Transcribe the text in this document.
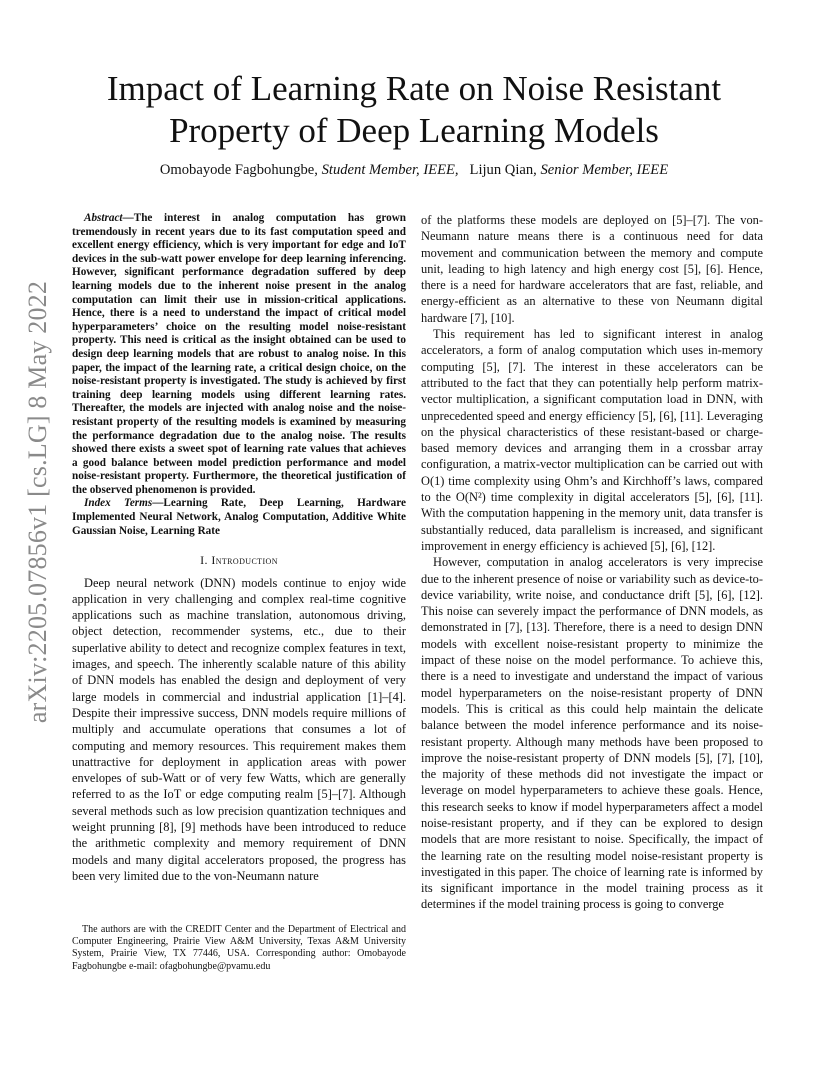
arXiv:2205.07856v1 [cs.LG] 8 May 2022
Impact of Learning Rate on Noise Resistant
Property of Deep Learning Models
Omobayode Fagbohungbe, Student Member, IEEE, Lijun Qian, Senior Member, IEEE

Abstract—The interest in analog computation has grown tremendously in recent years due to its fast computation speed and excellent energy efficiency, which is very important for edge and IoT devices in the sub-watt power envelope for deep learning inferencing. However, significant performance degradation suffered by deep learning models due to the inherent noise present in the analog computation can limit their use in mission-critical applications. Hence, there is a need to understand the impact of critical model hyperparameters’ choice on the resulting model noise-resistant property. This need is critical as the insight obtained can be used to design deep learning models that are robust to analog noise. In this paper, the impact of the learning rate, a critical design choice, on the noise-resistant property is investigated. The study is achieved by first training deep learning models using different learning rates. Thereafter, the models are injected with analog noise and the noise-resistant property of the resulting models is examined by measuring the performance degradation due to the analog noise. The results showed there exists a sweet spot of learning rate values that achieves a good balance between model prediction performance and model noise-resistant property. Furthermore, the theoretical justification of the observed phenomenon is provided.

Index Terms—Learning Rate, Deep Learning, Hardware Implemented Neural Network, Analog Computation, Additive White Gaussian Noise, Learning Rate

I. Introduction

Deep neural network (DNN) models continue to enjoy wide application in very challenging and complex real-time cognitive applications such as machine translation, autonomous driving, object detection, recommender systems, etc., due to their superlative ability to detect and recognize complex features in text, images, and speech. The inherently scalable nature of this ability of DNN models has enabled the design and deployment of very large models in commercial and industrial application [1]–[4]. Despite their impressive success, DNN models require millions of multiply and accumulate operations that consumes a lot of computing and memory resources. This requirement makes them unattractive for deployment in application areas with power envelopes of sub-Watt or of very few Watts, which are generally referred to as the IoT or edge computing realm [5]–[7]. Although several methods such as low precision quantization techniques and weight prunning [8], [9] methods have been introduced to reduce the arithmetic complexity and memory requirement of DNN models and many digital accelerators proposed, the progress has been very limited due to the von-Neumann nature

The authors are with the CREDIT Center and the Department of Electrical and Computer Engineering, Prairie View A&M University, Texas A&M University System, Prairie View, TX 77446, USA. Corresponding author: Omobayode Fagbohungbe e-mail: ofagbohungbe@pvamu.edu

of the platforms these models are deployed on [5]–[7]. The von-Neumann nature means there is a continuous need for data movement and communication between the memory and compute unit, leading to high latency and high energy cost [5], [6]. Hence, there is a need for hardware accelerators that are fast, reliable, and energy-efficient as an alternative to these von Neumann digital hardware [7], [10].

This requirement has led to significant interest in analog accelerators, a form of analog computation which uses in-memory computing [5], [7]. The interest in these accelerators can be attributed to the fact that they can potentially help perform matrix-vector multiplication, a significant computation load in DNN, with unprecedented speed and energy efficiency [5], [6], [11]. Leveraging on the physical characteristics of these resistant-based or charge-based memory devices and arranging them in a crossbar array configuration, a matrix-vector multiplication can be carried out with O(1) time complexity using Ohm’s and Kirchhoff’s laws, compared to the O(N²) time complexity in digital accelerators [5], [6], [11]. With the computation happening in the memory unit, data transfer is substantially reduced, data parallelism is increased, and significant improvement in energy efficiency is achieved [5], [6], [12].

However, computation in analog accelerators is very imprecise due to the inherent presence of noise or variability such as device-to-device variability, write noise, and conductance drift [5], [6], [12]. This noise can severely impact the performance of DNN models, as demonstrated in [7], [13]. Therefore, there is a need to design DNN models with excellent noise-resistant property to minimize the impact of these noise on the model performance. To achieve this, there is a need to investigate and understand the impact of various model hyperparameters on the noise-resistant property of DNN models. This is critical as this could help maintain the delicate balance between the model inference performance and its noise-resistant property. Although many methods have been proposed to improve the noise-resistant property of DNN models [5], [7], [10], the majority of these methods did not investigate the impact or leverage on model hyperparameters to achieve these goals. Hence, this research seeks to know if model hyperparameters affect a model noise-resistant property, and if they can be explored to design models that are more resistant to noise. Specifically, the impact of the learning rate on the resulting model noise-resistant property is investigated in this paper. The choice of learning rate is informed by its significant importance in the model training process as it determines if the model training process is going to converge
